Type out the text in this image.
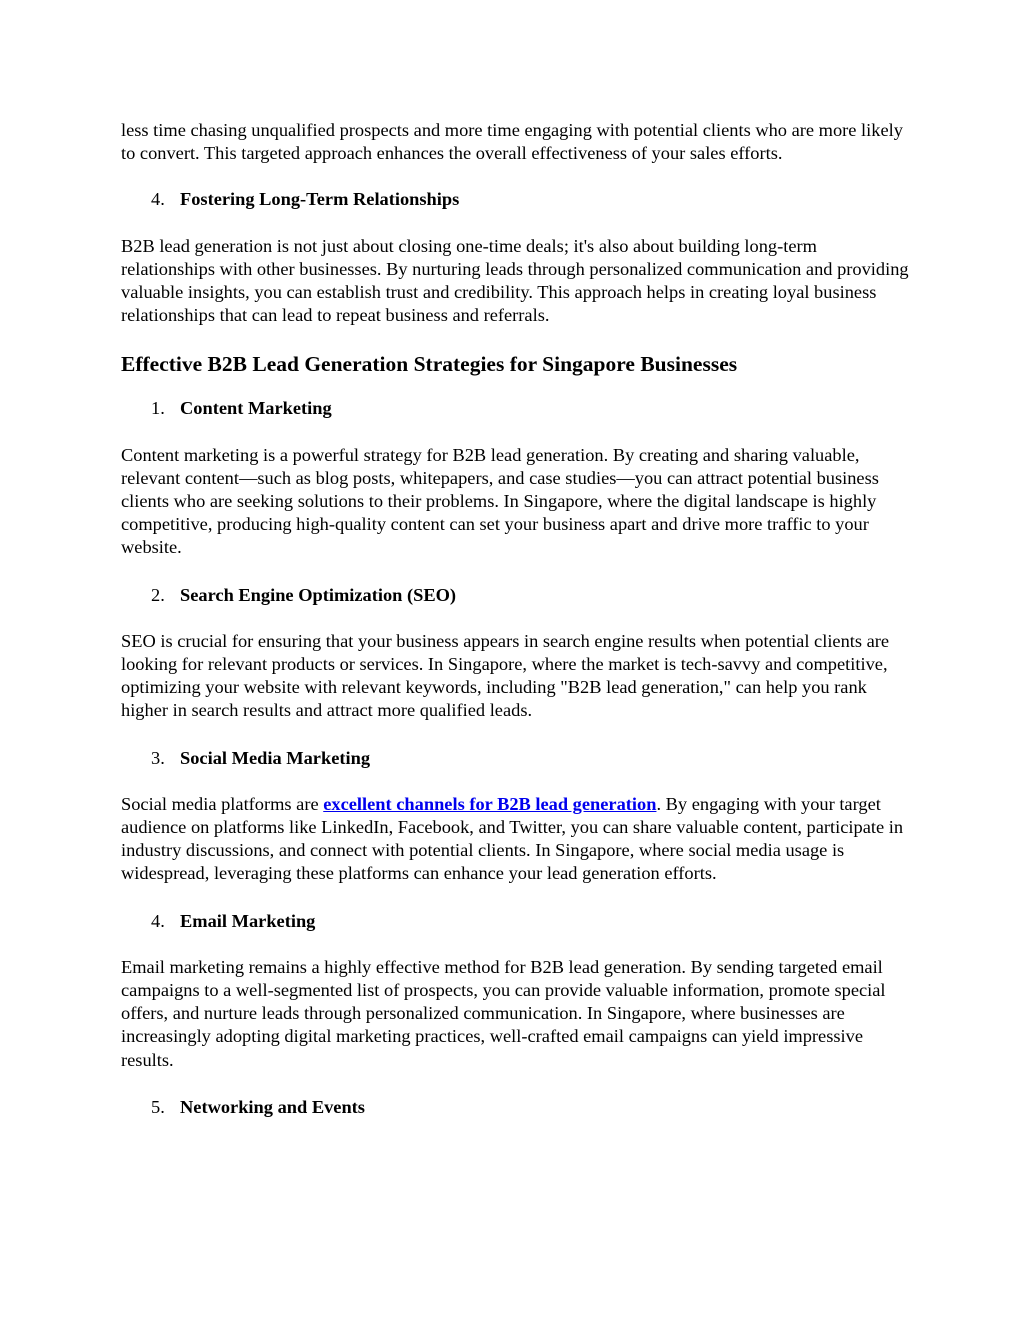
less time chasing unqualified prospects and more time engaging with potential clients who are more likely to convert. This targeted approach enhances the overall effectiveness of your sales efforts.

4. Fostering Long-Term Relationships

B2B lead generation is not just about closing one-time deals; it's also about building long-term relationships with other businesses. By nurturing leads through personalized communication and providing valuable insights, you can establish trust and credibility. This approach helps in creating loyal business relationships that can lead to repeat business and referrals.

Effective B2B Lead Generation Strategies for Singapore Businesses
1. Content Marketing

Content marketing is a powerful strategy for B2B lead generation. By creating and sharing valuable, relevant content—such as blog posts, whitepapers, and case studies—you can attract potential business clients who are seeking solutions to their problems. In Singapore, where the digital landscape is highly competitive, producing high-quality content can set your business apart and drive more traffic to your website.

2. Search Engine Optimization (SEO)

SEO is crucial for ensuring that your business appears in search engine results when potential clients are looking for relevant products or services. In Singapore, where the market is tech-savvy and competitive, optimizing your website with relevant keywords, including "B2B lead generation," can help you rank higher in search results and attract more qualified leads.

3. Social Media Marketing

Social media platforms are excellent channels for B2B lead generation. By engaging with your target audience on platforms like LinkedIn, Facebook, and Twitter, you can share valuable content, participate in industry discussions, and connect with potential clients. In Singapore, where social media usage is widespread, leveraging these platforms can enhance your lead generation efforts.

4. Email Marketing

Email marketing remains a highly effective method for B2B lead generation. By sending targeted email campaigns to a well-segmented list of prospects, you can provide valuable information, promote special offers, and nurture leads through personalized communication. In Singapore, where businesses are increasingly adopting digital marketing practices, well-crafted email campaigns can yield impressive results.

5. Networking and Events
